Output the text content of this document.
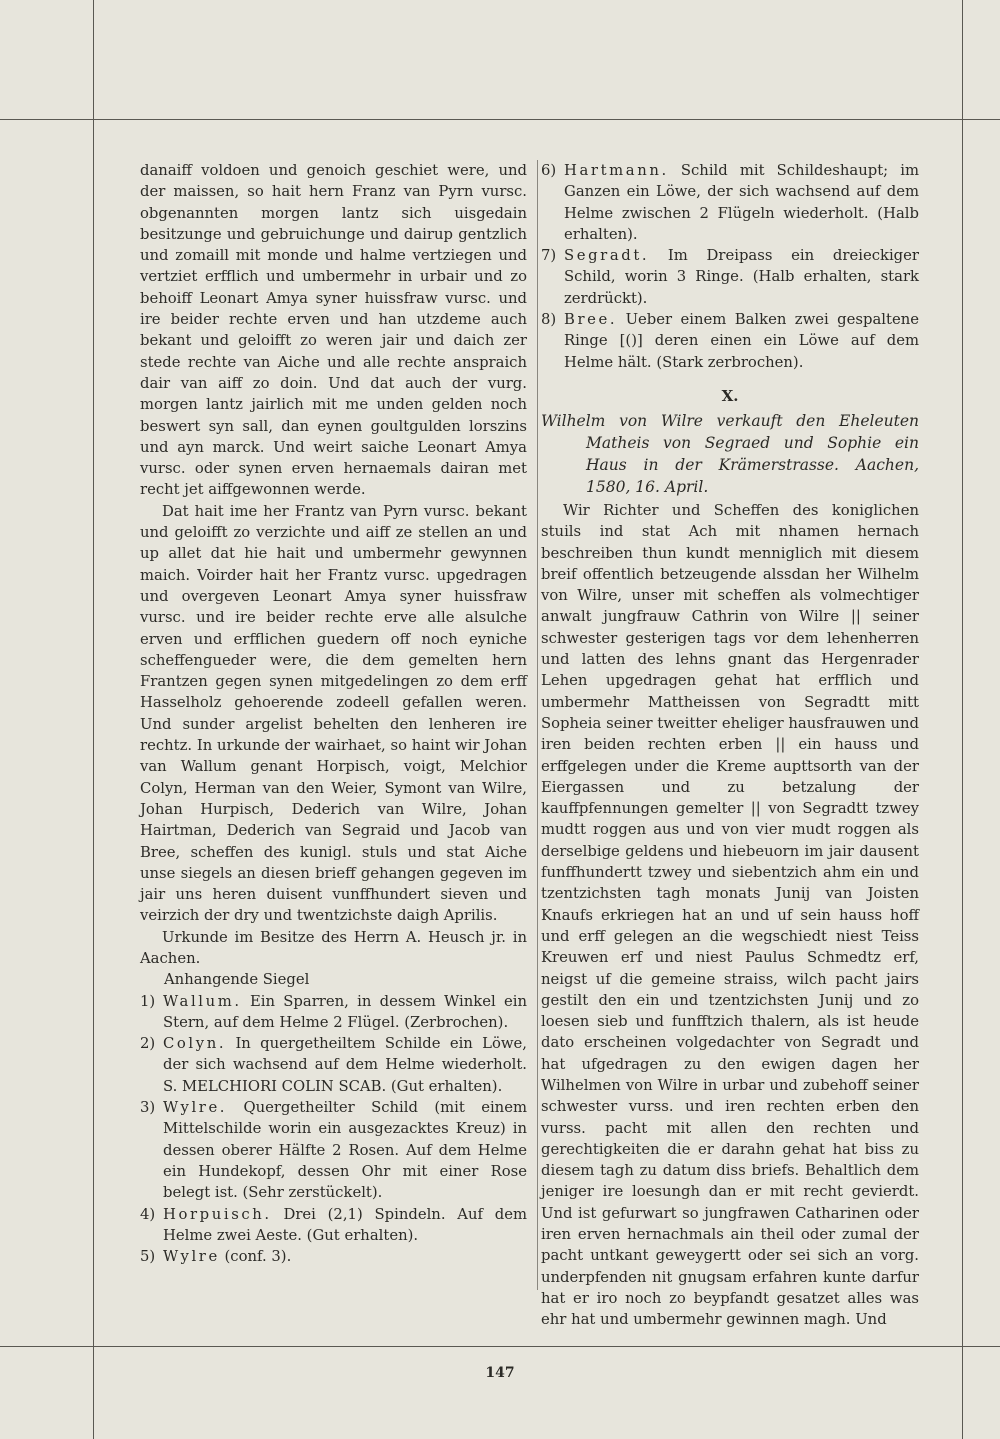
danaiff voldoen und genoich geschiet were, und der maissen, so hait hern Franz van Pyrn vursc. obgenannten morgen lantz sich uisgedain besitzunge und gebruichunge und dairup gentzlich und zomaill mit monde und halme vertziegen und vertziet erfflich und umbermehr in urbair und zo behoiff Leonart Amya syner huissfraw vursc. und ire beider rechte erven und han utzdeme auch bekant und geloifft zo weren jair und daich zer stede rechte van Aiche und alle rechte anspraich dair van aiff zo doin. Und dat auch der vurg. morgen lantz jairlich mit me unden gelden noch beswert syn sall, dan eynen goultgulden lorszins und ayn marck. Und weirt saiche Leonart Amya vursc. oder synen erven hernaemals dairan met recht jet aiffgewonnen werde.

Dat hait ime her Frantz van Pyrn vursc. bekant und geloifft zo verzichte und aiff ze stellen an und up allet dat hie hait und umbermehr gewynnen maich. Voirder hait her Frantz vursc. upgedragen und overgeven Leonart Amya syner huissfraw vursc. und ire beider rechte erve alle alsulche erven und erfflichen guedern off noch eyniche scheffengueder were, die dem gemelten hern Frantzen gegen synen mitgedelingen zo dem erff Hasselholz gehoerende zodeell gefallen weren. Und sunder argelist behelten den lenheren ire rechtz. In urkunde der wairhaet, so haint wir Johan van Wallum genant Horpisch, voigt, Melchior Colyn, Herman van den Weier, Symont van Wilre, Johan Hurpisch, Dederich van Wilre, Johan Hairtman, Dederich van Segraid und Jacob van Bree, scheffen des kunigl. stuls und stat Aiche unse siegels an diesen brieff gehangen gegeven im jair uns heren duisent vunffhundert sieven und veirzich der dry und twentzichste daigh Aprilis.

Urkunde im Besitze des Herrn A. Heusch jr. in Aachen.

Anhangende Siegel

1) Wallum. Ein Sparren, in dessem Winkel ein Stern, auf dem Helme 2 Flügel. (Zerbrochen).
2) Colyn. In quergetheiltem Schilde ein Löwe, der sich wachsend auf dem Helme wiederholt. S. MELCHIORI COLIN SCAB. (Gut erhalten).
3) Wylre. Quergetheilter Schild (mit einem Mittelschilde worin ein ausgezacktes Kreuz) in dessen oberer Hälfte 2 Rosen. Auf dem Helme ein Hundekopf, dessen Ohr mit einer Rose belegt ist. (Sehr zerstückelt).
4) Horpuisch. Drei (2,1) Spindeln. Auf dem Helme zwei Aeste. (Gut erhalten).
5) Wylre (conf. 3).
6) Hartmann. Schild mit Schildeshaupt; im Ganzen ein Löwe, der sich wachsend auf dem Helme zwischen 2 Flügeln wiederholt. (Halb erhalten).
7) Segradt. Im Dreipass ein dreieckiger Schild, worin 3 Ringe. (Halb erhalten, stark zerdrückt).
8) Bree. Ueber einem Balken zwei gespaltene Ringe [()] deren einen ein Löwe auf dem Helme hält. (Stark zerbrochen).
X.

Wilhelm von Wilre verkauft den Eheleuten Matheis von Segraed und Sophie ein Haus in der Krämerstrasse. Aachen, 1580, 16. April.

Wir Richter und Scheffen des koniglichen stuils ind stat Ach mit nhamen hernach beschreiben thun kundt menniglich mit diesem breif offentlich betzeugende alssdan her Wilhelm von Wilre, unser mit scheffen als volmechtiger anwalt jungfrauw Cathrin von Wilre || seiner schwester gesterigen tags vor dem lehenherren und latten des lehns gnant das Hergenrader Lehen upgedragen gehat hat erfflich und umbermehr Mattheissen von Segradtt mitt Sopheia seiner tweitter eheliger hausfrauwen und iren beiden rechten erben || ein hauss und erffgelegen under die Kreme aupttsorth van der Eiergassen und zu betzalung der kauffpfennungen gemelter || von Segradtt tzwey mudtt roggen aus und von vier mudt roggen als derselbige geldens und hiebeuorn im jair dausent funffhundertt tzwey und siebentzich ahm ein und tzentzichsten tagh monats Junij van Joisten Knaufs erkriegen hat an und uf sein hauss hoff und erff gelegen an die wegschiedt niest Teiss Kreuwen erf und niest Paulus Schmedtz erf, neigst uf die gemeine straiss, wilch pacht jairs gestilt den ein und tzentzichsten Junij und zo loesen sieb und funfftzich thalern, als ist heude dato erscheinen volgedachter von Segradt und hat ufgedragen zu den ewigen dagen her Wilhelmen von Wilre in urbar und zubehoff seiner schwester vurss. und iren rechten erben den vurss. pacht mit allen den rechten und gerechtigkeiten die er darahn gehat hat biss zu diesem tagh zu datum diss briefs. Behaltlich dem jeniger ire loesungh dan er mit recht gevierdt. Und ist gefurwart so jungfrawen Catharinen oder iren erven hernachmals ain theil oder zumal der pacht untkant geweygertt oder sei sich an vorg. underpfenden nit gnugsam erfahren kunte darfur hat er iro noch zo beypfandt gesatzet alles was ehr hat und umbermehr gewinnen magh. Und

147
